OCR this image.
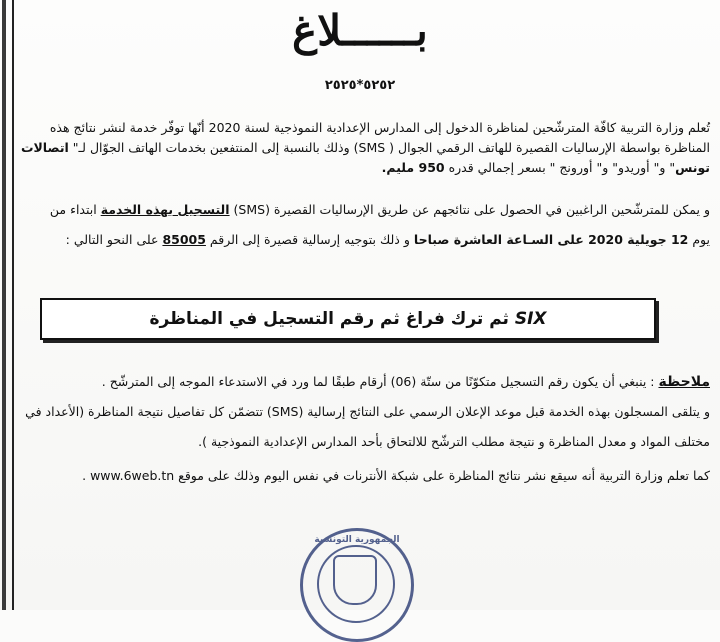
بــــــلاغ
٥٢٥٢*٢٥٢٥
تُعلم وزارة التربية كافّة المترشّحين لمناظرة الدخول إلى المدارس الإعدادية النموذجية لسنة 2020 أنّها توفّر خدمة لنشر نتائج هذه
المناظرة بواسطة الإرساليات القصيرة للهاتف الرقمي الجوال ( SMS) وذلك بالنسبة إلى المنتفعين بخدمات الهاتف الجوّال لـ" اتصالات
تونس" و" أوريدو" و" أورونج " بسعر إجمالي قدره 950 مليم.
و يمكن للمترشّحين الراغبين في الحصول على نتائجهم عن طريق الإرساليات القصيرة (SMS) التسجيل بهذه الخدمة ابتداء من
يوم 12 جويلية 2020 على السـاعة العاشرة صباحا و ذلك بتوجيه إرسالية قصيرة إلى الرقم 85005 على النحو التالي :
SIX ثم ترك فراغ ثم رقم التسجيل في المناظرة
ملاحظة : ينبغي أن يكون رقم التسجيل متكوّنًا من ستّة (06) أرقام طبقًا لما ورد في الاستدعاء الموجه إلى المترشّح .
و يتلقى المسجلون بهذه الخدمة قبل موعد الإعلان الرسمي على النتائج إرسالية (SMS) تتضمّن كل تفاصيل نتيجة المناظرة (الأعداد في
مختلف المواد و معدل المناظرة و نتيجة مطلب الترشّح للالتحاق بأحد المدارس الإعدادية النموذجية ).
كما تعلم وزارة التربية أنه سيقع نشر نتائج المناظرة على شبكة الأنترنات في نفس اليوم وذلك على موقع www.6web.tn .
الجمهورية التونسية
